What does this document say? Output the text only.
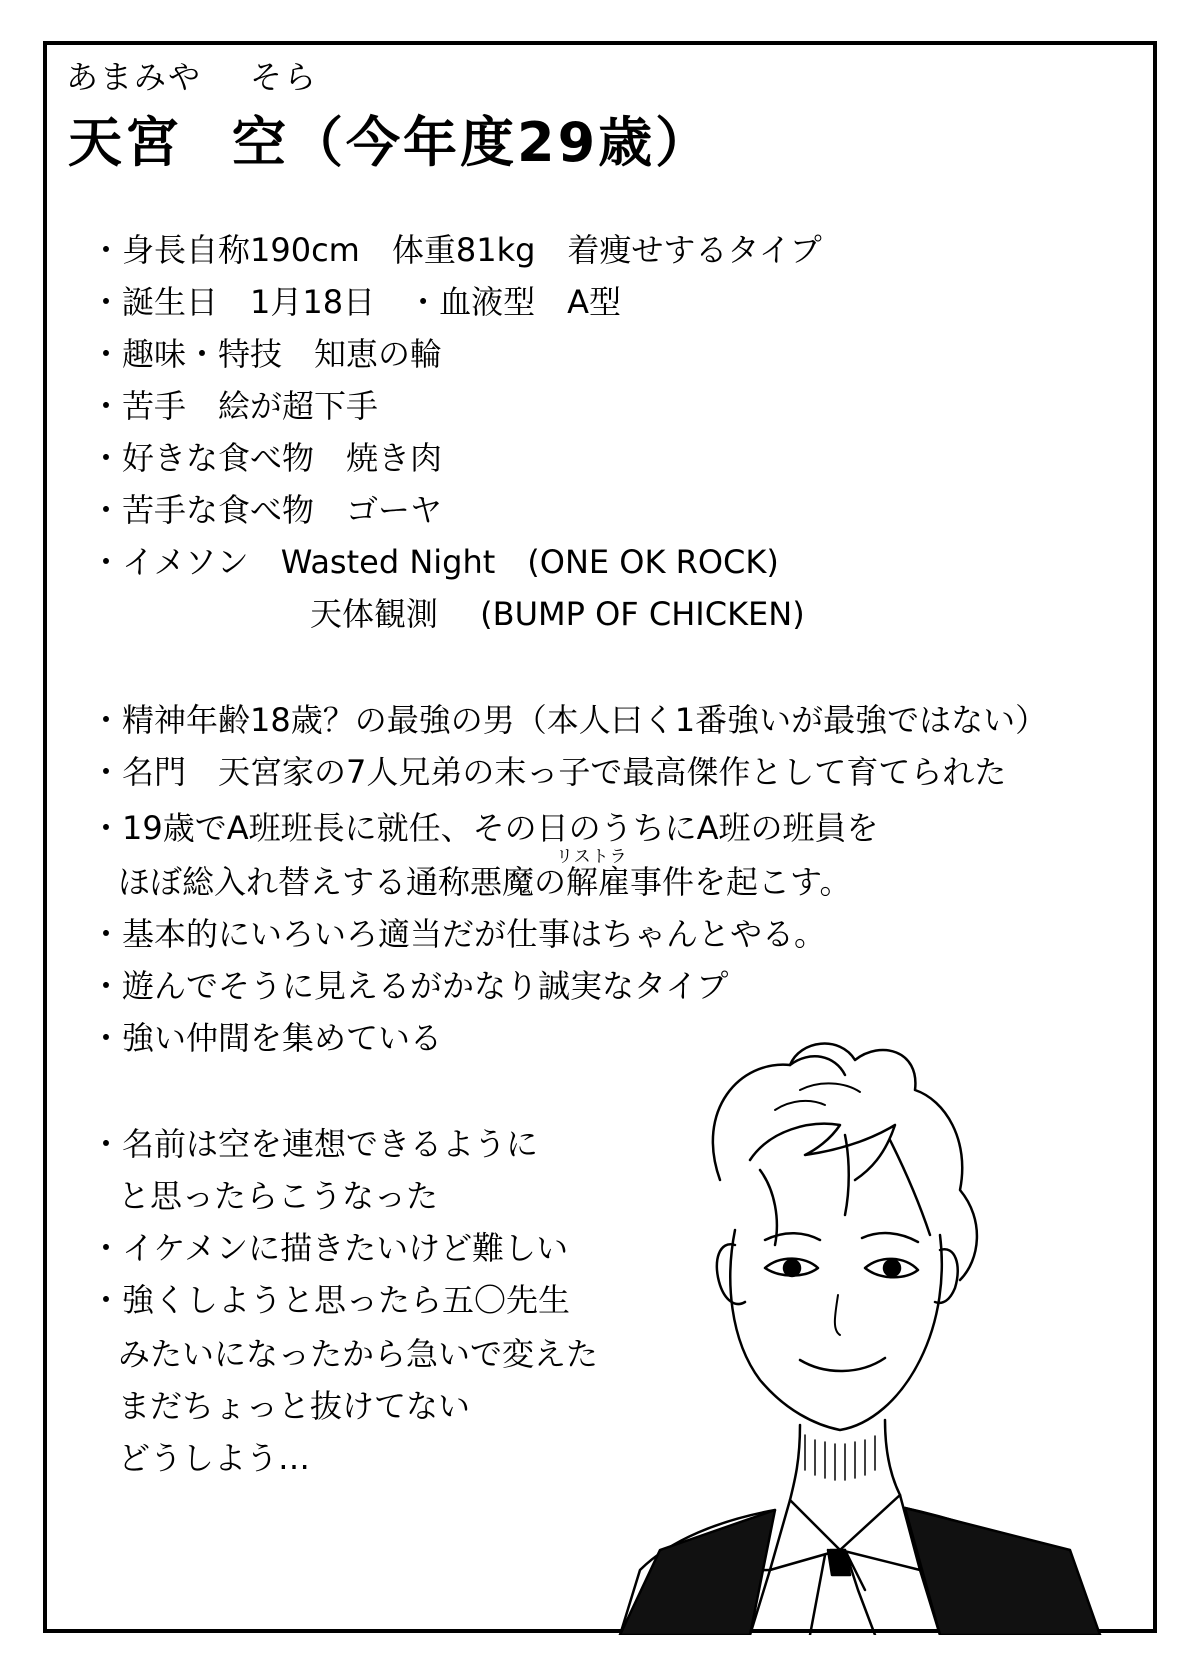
あまみや そら
天宮 空（今年度29歳）
・身長自称190cm　体重81kg　着痩せするタイプ
・誕生日　1月18日　・血液型　A型
・趣味・特技　知恵の輪
・苦手　絵が超下手
・好きな食べ物　焼き肉
・苦手な食べ物　ゴーヤ
・イメソン　Wasted Night　(ONE OK ROCK)
天体観測　 (BUMP OF CHICKEN)
・精神年齢18歳？の最強の男（本人曰く1番強いが最強ではない）
・名門　天宮家の7人兄弟の末っ子で最高傑作として育てられた
・19歳でA班班長に就任、その日のうちにA班の班員を
リストラ
ほぼ総入れ替えする通称悪魔の解雇事件を起こす。
・基本的にいろいろ適当だが仕事はちゃんとやる。
・遊んでそうに見えるがかなり誠実なタイプ
・強い仲間を集めている
・名前は空を連想できるように
と思ったらこうなった
・イケメンに描きたいけど難しい
・強くしようと思ったら五〇先生
みたいになったから急いで変えた
まだちょっと抜けてない
どうしよう…
